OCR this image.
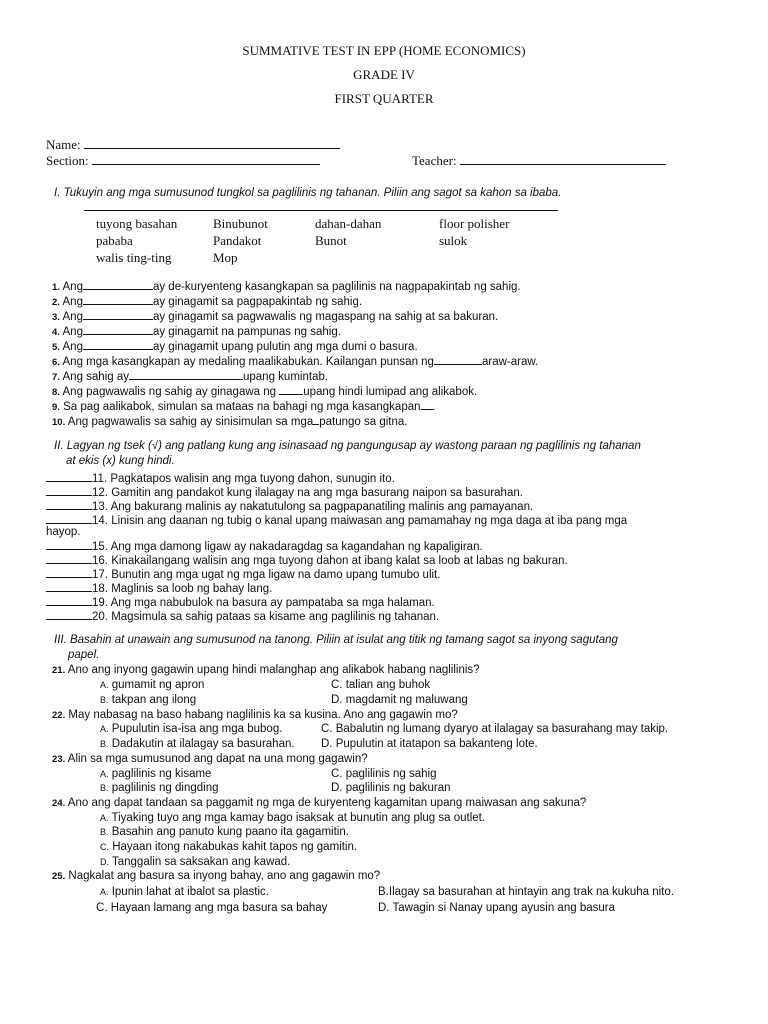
SUMMATIVE TEST IN EPP (HOME ECONOMICS)
GRADE IV
FIRST QUARTER
Name:
Section:	Teacher:
I. Tukuyin ang mga sumusunod tungkol sa paglilinis ng tahanan. Piliin ang sagot sa kahon sa ibaba.
tuyong basahan	Binubunot	dahan-dahan	floor polisher
pababa	Pandakot	Bunot	sulok
walis ting-ting	Mop
1. Ang	ay de-kuryenteng kasangkapan sa paglilinis na nagpapakintab ng sahig.
2. Ang	ay ginagamit sa pagpapakintab ng sahig.
3. Ang	ay ginagamit sa pagwawalis ng magaspang na sahig at sa bakuran.
4. Ang	ay ginagamit na pampunas ng sahig.
5. Ang	ay ginagamit upang pulutin ang mga dumi o basura.
6. Ang mga kasangkapan ay medaling maalikabukan. Kailangan punsan ng	araw-araw.
7. Ang sahig ay	upang kumintab.
8. Ang pagwawalis ng sahig ay ginagawa ng upang hindi lumipad ang alikabok.
9. Sa pag aalikabok, simulan sa mataas na bahagi ng mga kasangkapan .
10. Ang pagwawalis sa sahig ay sinisimulan sa mga patungo sa gitna.
II. Lagyan ng tsek (√) ang patlang kung ang isinasaad ng pangungusap ay wastong paraan ng paglilinis ng tahanan
at ekis (x) kung hindi.
11. Pagkatapos walisin ang mga tuyong dahon, sunugin ito.
12. Gamitin ang pandakot kung ilalagay na ang mga basurang naipon sa basurahan.
13. Ang bakurang malinis ay nakatutulong sa pagpapanatiling malinis ang pamayanan.
14. Linisin ang daanan ng tubig o kanal upang maiwasan ang pamamahay ng mga daga at iba pang mga
hayop.
15. Ang mga damong ligaw ay nakadaragdag sa kagandahan ng kapaligiran.
16. Kinakailangang walisin ang mga tuyong dahon at ibang kalat sa loob at labas ng bakuran.
17. Bunutin ang mga ugat ng mga ligaw na damo upang tumubo ulit.
18. Maglinis sa loob ng bahay lang.
19. Ang mga nabubulok na basura ay pampataba sa mga halaman.
20. Magsimula sa sahig pataas sa kisame ang paglilinis ng tahanan.
III. Basahin at unawain ang sumusunod na tanong. Piliin at isulat ang titik ng tamang sagot sa inyong sagutang
papel.
21. Ano ang inyong gagawin upang hindi malanghap ang alikabok habang naglilinis?
A. gumamit ng apron	C. talian ang buhok
B. takpan ang ilong	D. magdamit ng maluwang
22. May nabasag na baso habang naglilinis ka sa kusina. Ano ang gagawin mo?
A. Pupulutin isa-isa ang mga bubog.	C. Babalutin ng lumang dyaryo at ilalagay sa basurahang may takip.
B. Dadakutin at ilalagay sa basurahan. D. Pupulutin at itatapon sa bakanteng lote.
23. Alin sa mga sumusunod ang dapat na una mong gagawin?
A. paglilinis ng kisame	C. paglilinis ng sahig
B. paglilinis ng dingding	D. paglilinis ng bakuran
24. Ano ang dapat tandaan sa paggamit ng mga de kuryenteng kagamitan upang maiwasan ang sakuna?
A. Tiyaking tuyo ang mga kamay bago isaksak at bunutin ang plug sa outlet.
B. Basahin ang panuto kung paano ita gagamitin.
C. Hayaan itong nakabukas kahit tapos ng gamitin.
D. Tanggalin sa saksakan ang kawad.
25. Nagkalat ang basura sa inyong bahay, ano ang gagawin mo?
A. Ipunin lahat at ibalot sa plastic.	B.Ilagay sa basurahan at hintayin ang trak na kukuha nito.
C. Hayaan lamang ang mga basura sa bahay	D. Tawagin si Nanay upang ayusin ang basura
